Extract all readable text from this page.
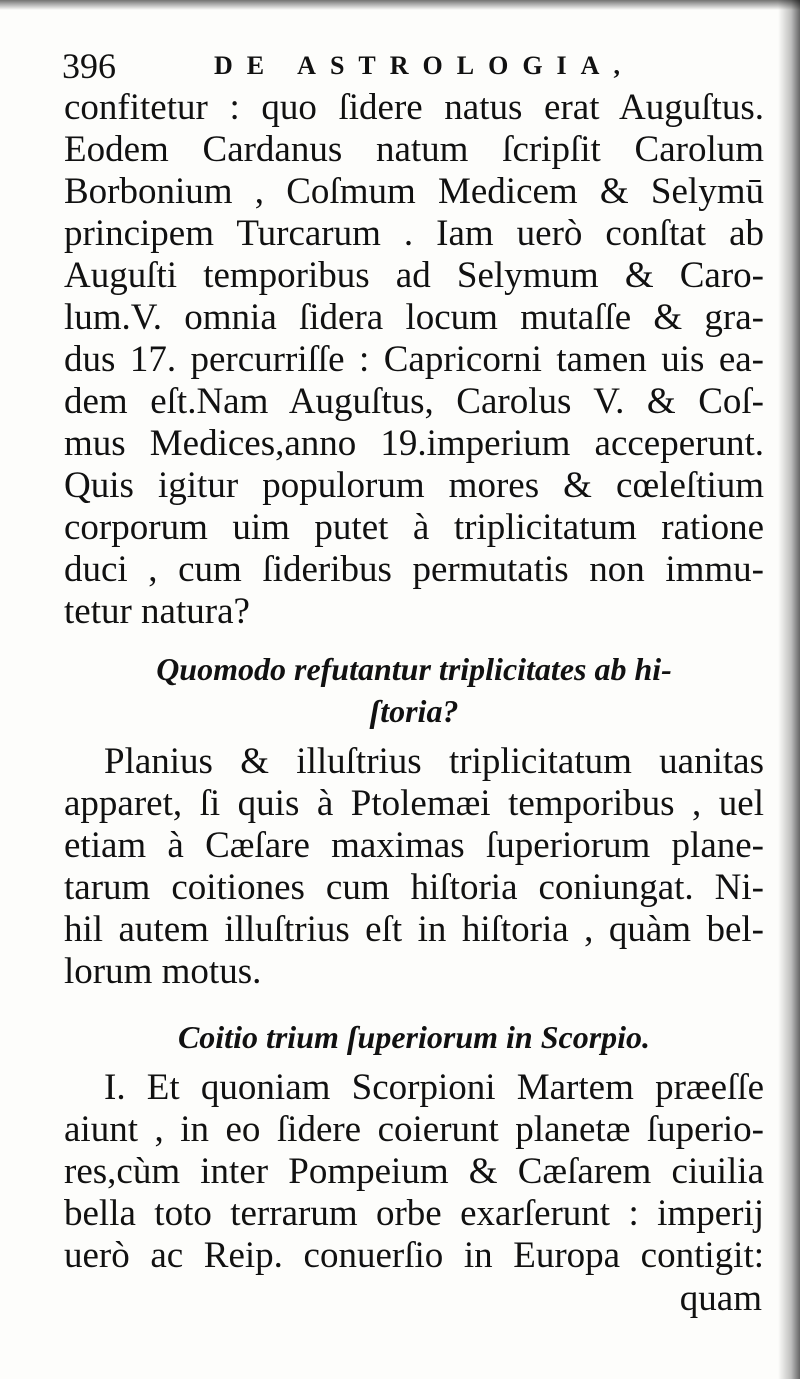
396	DE ASTROLOGIA,
confitetur : quo ſidere natus erat Auguſtus.
Eodem Cardanus natum ſcripſit Carolum
Borbonium , Coſmum Medicem & Selymū
principem Turcarum . Iam uerò conſtat ab
Auguſti temporibus ad Selymum & Caro-
lum.V. omnia ſidera locum mutaſſe & gra-
dus 17. percurriſſe : Capricorni tamen uis ea-
dem eſt.Nam Auguſtus, Carolus V. & Coſ-
mus Medices,anno 19.imperium acceperunt.
Quis igitur populorum mores & cœleſtium
corporum uim putet à triplicitatum ratione
duci , cum ſideribus permutatis non immu-
tetur natura?
Quomodo refutantur triplicitates ab hi-
ſtoria?
Planius & illuſtrius triplicitatum uanitas
apparet, ſi quis à Ptolemæi temporibus , uel
etiam à Cæſare maximas ſuperiorum plane-
tarum coitiones cum hiſtoria coniungat. Ni-
hil autem illuſtrius eſt in hiſtoria , quàm bel-
lorum motus.
Coitio trium ſuperiorum in Scorpio.
I. Et quoniam Scorpioni Martem præeſſe
aiunt , in eo ſidere coierunt planetæ ſuperio-
res,cùm inter Pompeium & Cæſarem ciuilia
bella toto terrarum orbe exarſerunt : imperij
uerò ac Reip. conuerſio in Europa contigit:
quam
